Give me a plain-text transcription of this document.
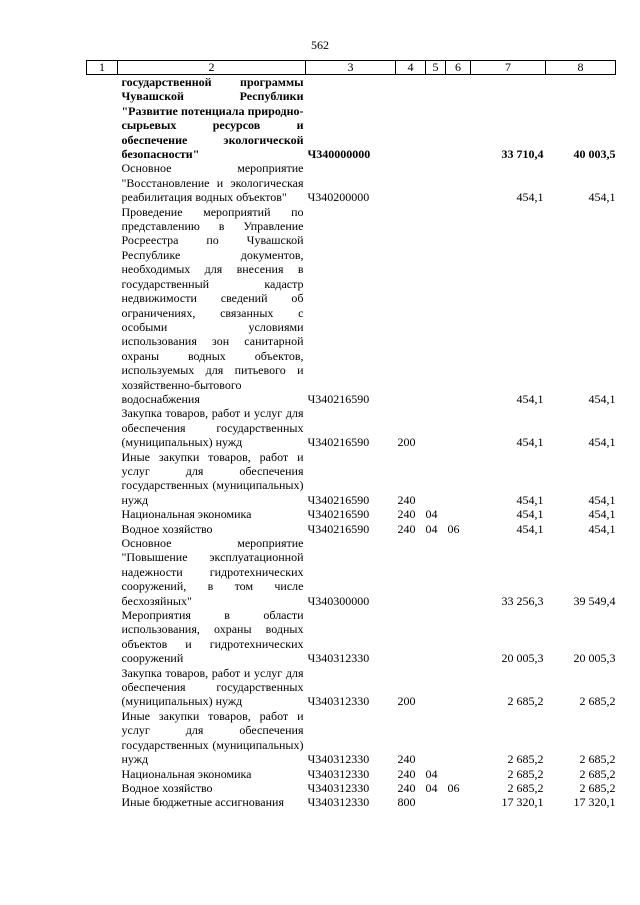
562
1	2	3	4	5	6	7	8
государственной программы Чувашской Республики "Развитие потенциала природно-сырьевых ресурсов и обеспечение экологической безопасности"		Ч340000000				33 710,4	40 003,5
Основное мероприятие "Восстановление и экологическая реабилитация водных объектов"		Ч340200000				454,1	454,1
Проведение мероприятий по представлению в Управление Росреестра по Чувашской Республике документов, необходимых для внесения в государственный кадастр недвижимости сведений об ограничениях, связанных с особыми условиями использования зон санитарной охраны водных объектов, используемых для питьевого и хозяйственно-бытового водоснабжения		Ч340216590				454,1	454,1
Закупка товаров, работ и услуг для обеспечения государственных (муниципальных) нужд		Ч340216590	200			454,1	454,1
Иные закупки товаров, работ и услуг для обеспечения государственных (муниципальных) нужд		Ч340216590	240			454,1	454,1
Национальная экономика		Ч340216590	240	04		454,1	454,1
Водное хозяйство		Ч340216590	240	04	06	454,1	454,1
Основное мероприятие "Повышение эксплуатационной надежности гидротехнических сооружений, в том числе бесхозяйных"		Ч340300000				33 256,3	39 549,4
Мероприятия в области использования, охраны водных объектов и гидротехнических сооружений		Ч340312330				20 005,3	20 005,3
Закупка товаров, работ и услуг для обеспечения государственных (муниципальных) нужд		Ч340312330	200			2 685,2	2 685,2
Иные закупки товаров, работ и услуг для обеспечения государственных (муниципальных) нужд		Ч340312330	240			2 685,2	2 685,2
Национальная экономика		Ч340312330	240	04		2 685,2	2 685,2
Водное хозяйство		Ч340312330	240	04	06	2 685,2	2 685,2
Иные бюджетные ассигнования		Ч340312330	800			17 320,1	17 320,1
